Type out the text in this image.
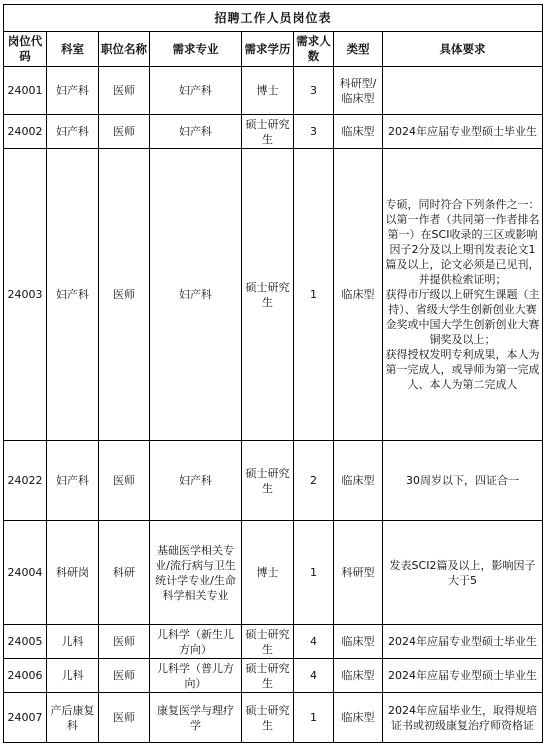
招聘工作人员岗位表							
岗位代码	科室	职位名称	需求专业	需求学历	需求人数	类型	具体要求
24001	妇产科	医师	妇产科	博士	3	科研型/临床型	

24002	妇产科	医师	妇产科	硕士研究生	3	临床型	2024年应届专业型硕士毕业生

24003	妇产科	医师	妇产科	硕士研究生	1	临床型	专硕，同时符合下列条件之一：
以第一作者（共同第一作者排名第一）在SCI收录的三区或影响因子2分及以上期刊发表论文1篇及以上，论文必须是已见刊，并提供检索证明；
获得市厅级以上研究生课题（主持）、省级大学生创新创业大赛金奖或中国大学生创新创业大赛铜奖及以上；
获得授权发明专利成果，本人为第一完成人，或导师为第一完成人、本人为第二完成人

24022	妇产科	医师	妇产科	硕士研究生	2	临床型	30周岁以下，四证合一

24004	科研岗	科研	基础医学相关专业/流行病与卫生统计学专业/生命科学相关专业	博士	1	科研型	发表SCI2篇及以上，影响因子大于5

24005	儿科	医师	儿科学（新生儿方向）	硕士研究生	4	临床型	2024年应届专业型硕士毕业生

24006	儿科	医师	儿科学（普儿方向）	硕士研究生	4	临床型	2024年应届专业型硕士毕业生

24007	产后康复科	医师	康复医学与理疗学	硕士研究生	1	临床型	2024年应届毕业生，取得规培证书或初级康复治疗师资格证
